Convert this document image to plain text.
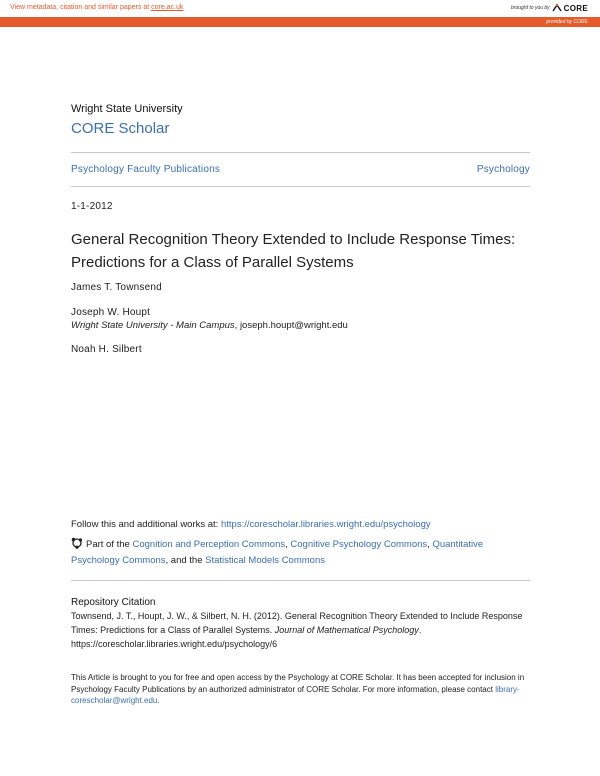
View metadata, citation and similar papers at core.ac.uk	brought to you by CORE
provided by CORE
Wright State University
CORE Scholar
Psychology Faculty Publications	Psychology
1-1-2012
General Recognition Theory Extended to Include Response Times: Predictions for a Class of Parallel Systems
James T. Townsend
Joseph W. Houpt
Wright State University - Main Campus, joseph.houpt@wright.edu
Noah H. Silbert
Follow this and additional works at: https://corescholar.libraries.wright.edu/psychology
Part of the Cognition and Perception Commons, Cognitive Psychology Commons, Quantitative Psychology Commons, and the Statistical Models Commons
Repository Citation
Townsend, J. T., Houpt, J. W., & Silbert, N. H. (2012). General Recognition Theory Extended to Include Response Times: Predictions for a Class of Parallel Systems. Journal of Mathematical Psychology. https://corescholar.libraries.wright.edu/psychology/6
This Article is brought to you for free and open access by the Psychology at CORE Scholar. It has been accepted for inclusion in Psychology Faculty Publications by an authorized administrator of CORE Scholar. For more information, please contact library-corescholar@wright.edu.
